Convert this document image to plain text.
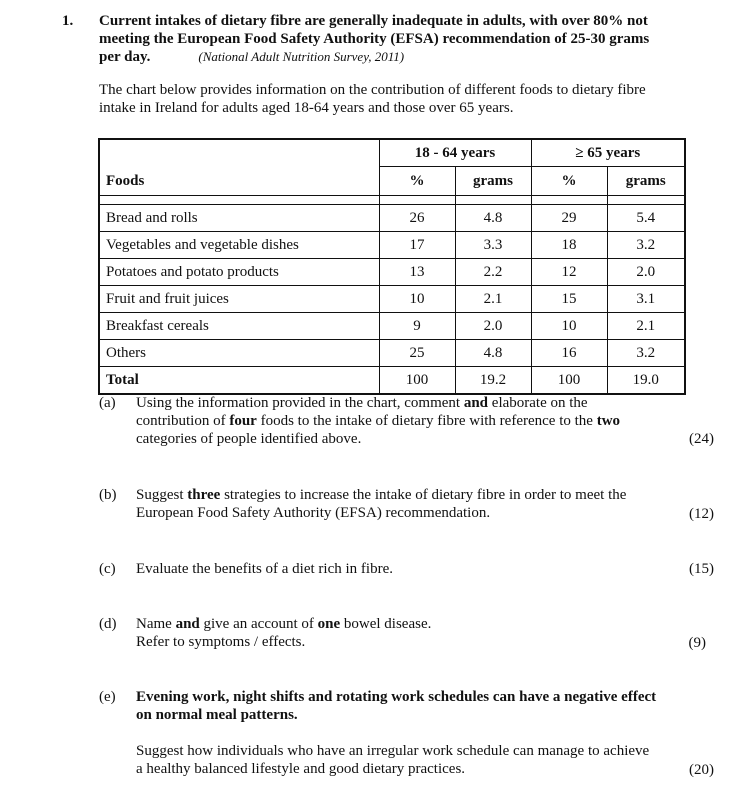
1. Current intakes of dietary fibre are generally inadequate in adults, with over 80% not
meeting the European Food Safety Authority (EFSA) recommendation of 25-30 grams
per day.	(National Adult Nutrition Survey, 2011)
The chart below provides information on the contribution of different foods to dietary fibre
intake in Ireland for adults aged 18-64 years and those over 65 years.
	18 - 64 years		≥ 65 years	
Foods	%	grams	%	grams

Bread and rolls	26	4.8	29	5.4
Vegetables and vegetable dishes	17	3.3	18	3.2
Potatoes and potato products	13	2.2	12	2.0
Fruit and fruit juices	10	2.1	15	3.1
Breakfast cereals	9	2.0	10	2.1
Others	25	4.8	16	3.2
Total	100	19.2	100	19.0
(a) Using the information provided in the chart, comment and elaborate on the
contribution of four foods to the intake of dietary fibre with reference to the two
categories of people identified above.	(24)
(b) Suggest three strategies to increase the intake of dietary fibre in order to meet the
European Food Safety Authority (EFSA) recommendation.	(12)
(c) Evaluate the benefits of a diet rich in fibre.	(15)
(d) Name and give an account of one bowel disease.
Refer to symptoms / effects.	(9)
(e) Evening work, night shifts and rotating work schedules can have a negative effect
on normal meal patterns.
Suggest how individuals who have an irregular work schedule can manage to achieve
a healthy balanced lifestyle and good dietary practices.	(20)
